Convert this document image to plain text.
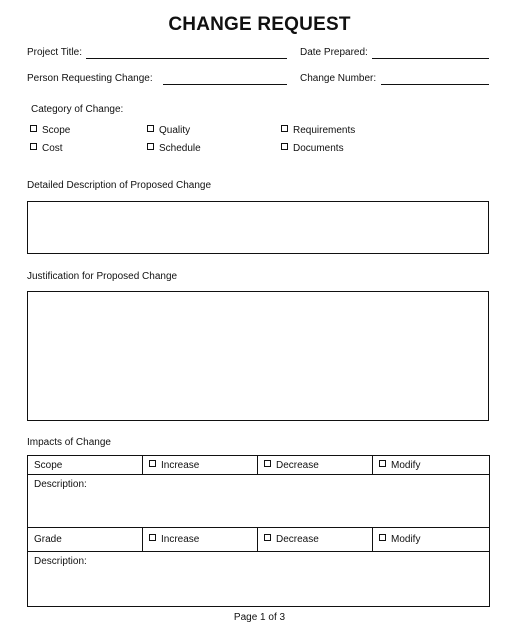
CHANGE REQUEST
Project Title:	Date Prepared:
Person Requesting Change:	Change Number:
Category of Change:
Scope	Quality	Requirements
Cost	Schedule	Documents
Detailed Description of Proposed Change
Justification for Proposed Change
Impacts of Change
Scope	Increase	Decrease	Modify
Description:			
Grade	Increase	Decrease	Modify
Description:			
Page 1 of 3
